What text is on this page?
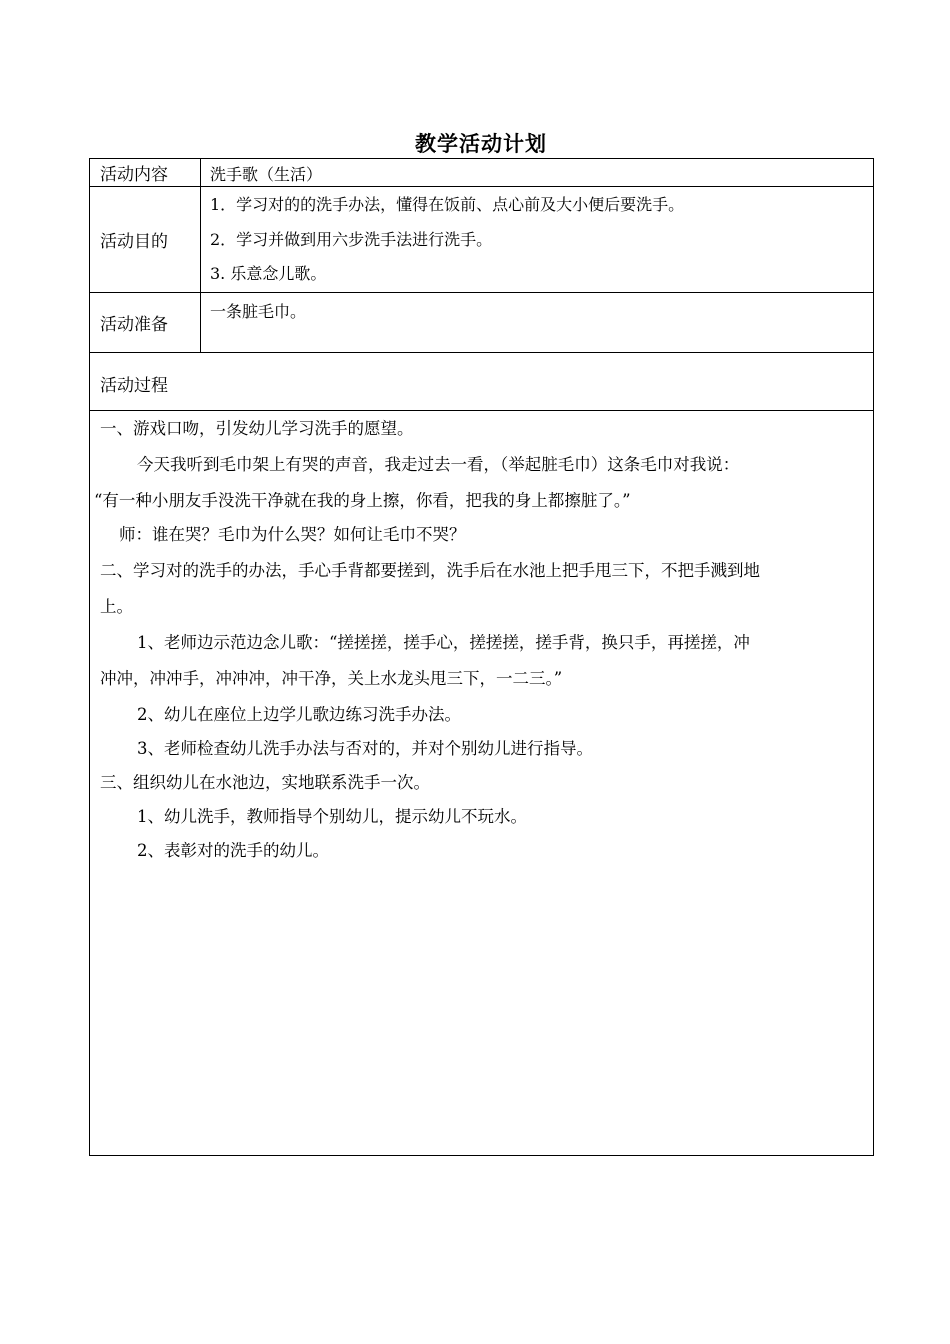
教学活动计划
活动内容	洗手歌（生活）
活动目的
1．学习对的的洗手办法，懂得在饭前、点心前及大小便后要洗手。
2．学习并做到用六步洗手法进行洗手。
3. 乐意念儿歌。
活动准备
一条脏毛巾。
活动过程
一、游戏口吻，引发幼儿学习洗手的愿望。
今天我听到毛巾架上有哭的声音，我走过去一看，（举起脏毛巾）这条毛巾对我说：
“有一种小朋友手没洗干净就在我的身上擦，你看，把我的身上都擦脏了。”
师：谁在哭？毛巾为什么哭？如何让毛巾不哭？
二、学习对的洗手的办法，手心手背都要搓到，洗手后在水池上把手甩三下，不把手溅到地
上。
1、老师边示范边念儿歌：“搓搓搓，搓手心，搓搓搓，搓手背，换只手，再搓搓，冲
冲冲，冲冲手，冲冲冲，冲干净，关上水龙头甩三下，一二三。”
2、幼儿在座位上边学儿歌边练习洗手办法。
3、老师检查幼儿洗手办法与否对的，并对个别幼儿进行指导。
三、组织幼儿在水池边，实地联系洗手一次。
1、幼儿洗手，教师指导个别幼儿，提示幼儿不玩水。
2、表彰对的洗手的幼儿。
